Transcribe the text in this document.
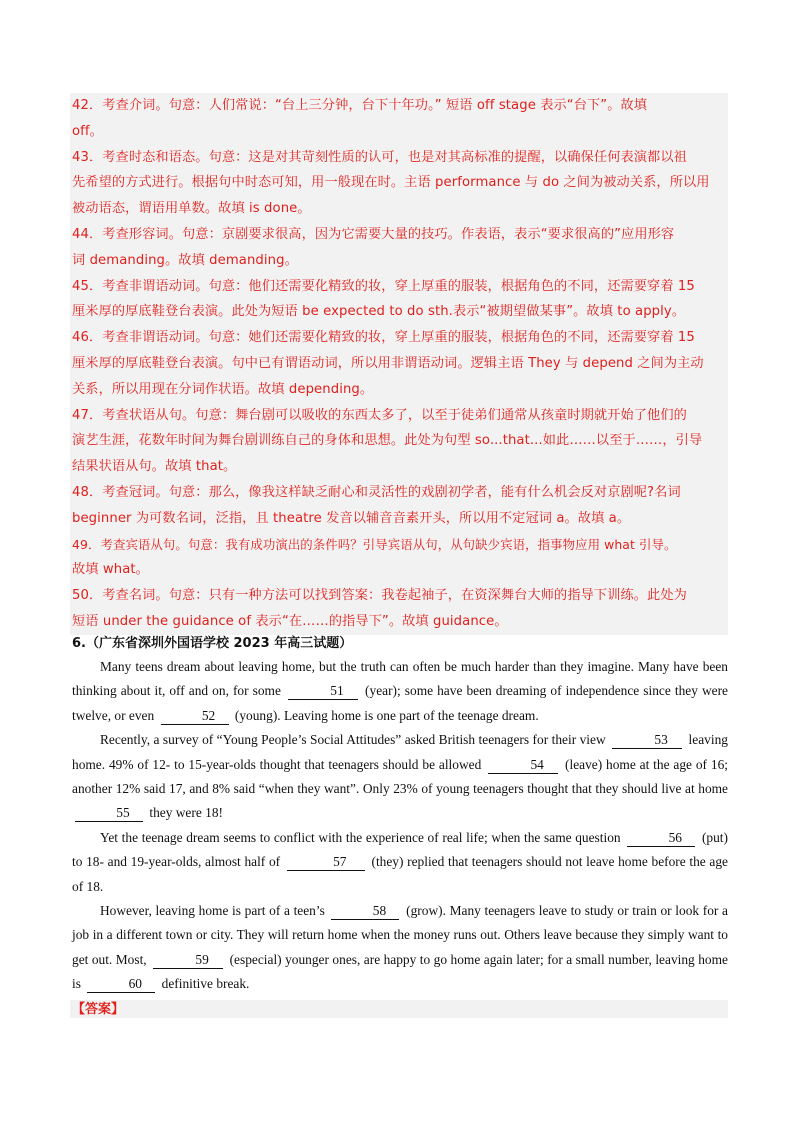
42．考查介词。句意：人们常说：“台上三分钟，台下十年功。” 短语 off stage 表示“台下”。故填
off。
43．考查时态和语态。句意：这是对其苛刻性质的认可，也是对其高标准的提醒，以确保任何表演都以祖
先希望的方式进行。根据句中时态可知，用一般现在时。主语 performance 与 do 之间为被动关系，所以用
被动语态，谓语用单数。故填 is done。
44．考查形容词。句意：京剧要求很高，因为它需要大量的技巧。作表语，表示“要求很高的”应用形容
词 demanding。故填 demanding。
45．考查非谓语动词。句意：他们还需要化精致的妆，穿上厚重的服装，根据角色的不同，还需要穿着 15
厘米厚的厚底鞋登台表演。此处为短语 be expected to do sth.表示“被期望做某事”。故填 to apply。
46．考查非谓语动词。句意：她们还需要化精致的妆，穿上厚重的服装，根据角色的不同，还需要穿着 15
厘米厚的厚底鞋登台表演。句中已有谓语动词，所以用非谓语动词。逻辑主语 They 与 depend 之间为主动
关系，所以用现在分词作状语。故填 depending。
47．考查状语从句。句意：舞台剧可以吸收的东西太多了，以至于徒弟们通常从孩童时期就开始了他们的
演艺生涯，花数年时间为舞台剧训练自己的身体和思想。此处为句型 so...that...如此……以至于……，引导
结果状语从句。故填 that。
48．考查冠词。句意：那么，像我这样缺乏耐心和灵活性的戏剧初学者，能有什么机会反对京剧呢?名词
beginner 为可数名词，泛指，且 theatre 发音以辅音音素开头，所以用不定冠词 a。故填 a。
49．考查宾语从句。句意：我有成功演出的条件吗？引导宾语从句，从句缺少宾语，指事物应用 what 引导。
故填 what。
50．考查名词。句意：只有一种方法可以找到答案：我卷起袖子，在资深舞台大师的指导下训练。此处为
短语 under the guidance of 表示“在……的指导下”。故填 guidance。
6.（广东省深圳外国语学校 2023 年高三试题）

Many teens dream about leaving home, but the truth can often be much harder than they imagine. Many have been thinking about it, off and on, for some	51 (year); some have been dreaming of independence since they were twelve, or even	52 (young). Leaving home is one part of the teenage dream.

Recently, a survey of “Young People’s Social Attitudes” asked British teenagers for their view	53 leaving home. 49% of 12- to 15-year-olds thought that teenagers should be allowed	54 (leave) home at the age of 16; another 12% said 17, and 8% said “when they want”. Only 23% of young teenagers thought that they should live at home 55 they were 18!

Yet the teenage dream seems to conflict with the experience of real life; when the same question	56 (put) to 18- and 19-year-olds, almost half of	57 (they) replied that teenagers should not leave home before the age of 18.

However, leaving home is part of a teen’s	58 (grow). Many teenagers leave to study or train or look for a job in a different town or city. They will return home when the money runs out. Others leave because they simply want to get out. Most,	59 (especial) younger ones, are happy to go home again later; for a small number, leaving home is	60 definitive break.

【答案】
